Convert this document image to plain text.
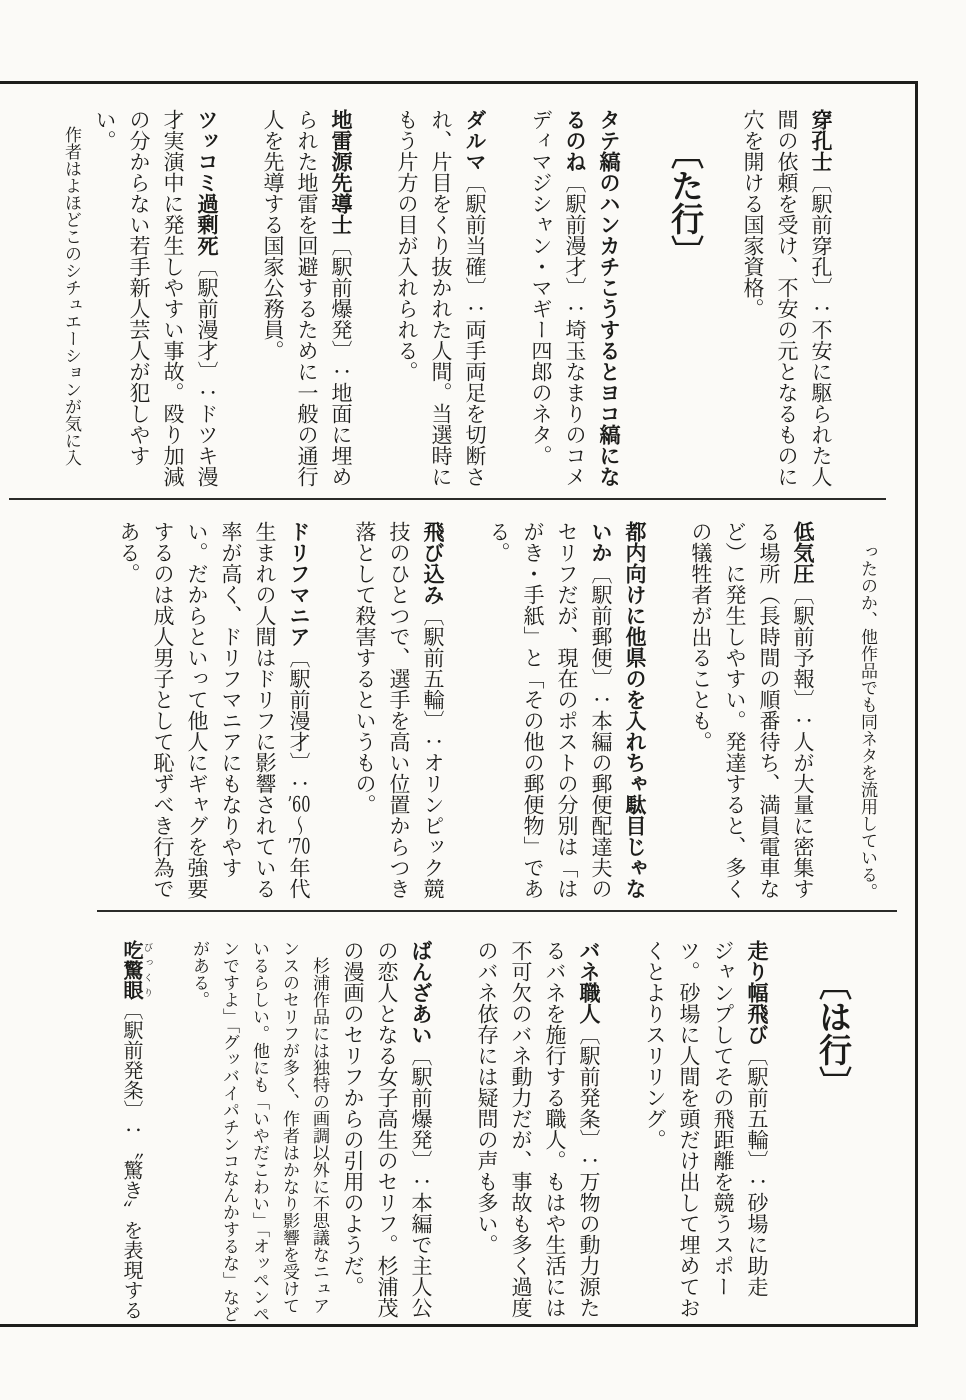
穿孔士〔駅前穿孔〕：不安に駆られた人間の依頼を受け、不安の元となるものに穴を開ける国家資格。

〔た行〕

タテ縞のハンカチこうするとヨコ縞になるのね〔駅前漫才〕：埼玉なまりのコメディマジシャン・マギー四郎のネタ。

ダルマ〔駅前当確〕：両手両足を切断され、片目をくり抜かれた人間。当選時にもう片方の目が入れられる。

地雷源先導士〔駅前爆発〕：地面に埋められた地雷を回避するために一般の通行人を先導する国家公務員。

ツッコミ過剰死〔駅前漫才〕：ドツキ漫才実演中に発生しやすい事故。殴り加減の分からない若手新人芸人が犯しやすい。

作者はよほどこのシチュエーションが気に入

ったのか、他作品でも同ネタを流用している。

低気圧〔駅前予報〕：人が大量に密集する場所（長時間の順番待ち、満員電車など）に発生しやすい。発達すると、多くの犠牲者が出ることも。

都内向けに他県のを入れちゃ駄目じゃないか〔駅前郵便〕：本編の郵便配達夫のセリフだが、現在のポストの分別は「はがき・手紙」と「その他の郵便物」である。

飛び込み〔駅前五輪〕：オリンピック競技のひとつで、選手を高い位置からつき落として殺害するというもの。

ドリフマニア〔駅前漫才〕：’60～’70年代生まれの人間はドリフに影響されている率が高く、ドリフマニアにもなりやすい。だからといって他人にギャグを強要するのは成人男子として恥ずべき行為である。

〔は行〕

走り幅飛び〔駅前五輪〕：砂場に助走ジャンプしてその飛距離を競うスポーツ。砂場に人間を頭だけ出して埋めておくとよりスリリング。

バネ職人〔駅前発条〕：万物の動力源たるバネを施行する職人。もはや生活には不可欠のバネ動力だが、事故も多く過度のバネ依存には疑問の声も多い。

ばんざあい〔駅前爆発〕：本編で主人公の恋人となる女子高生のセリフ。杉浦茂の漫画のセリフからの引用のようだ。

杉浦作品には独特の画調以外に不思議なニュアンスのセリフが多く、作者はかなり影響を受けているらしい。他にも「いやだこわい」「オッペンペンですよ」「グッバイパチンコなんかするな」などがある。

吃驚眼びっくり〔駅前発条〕：〝驚き〟を表現する
